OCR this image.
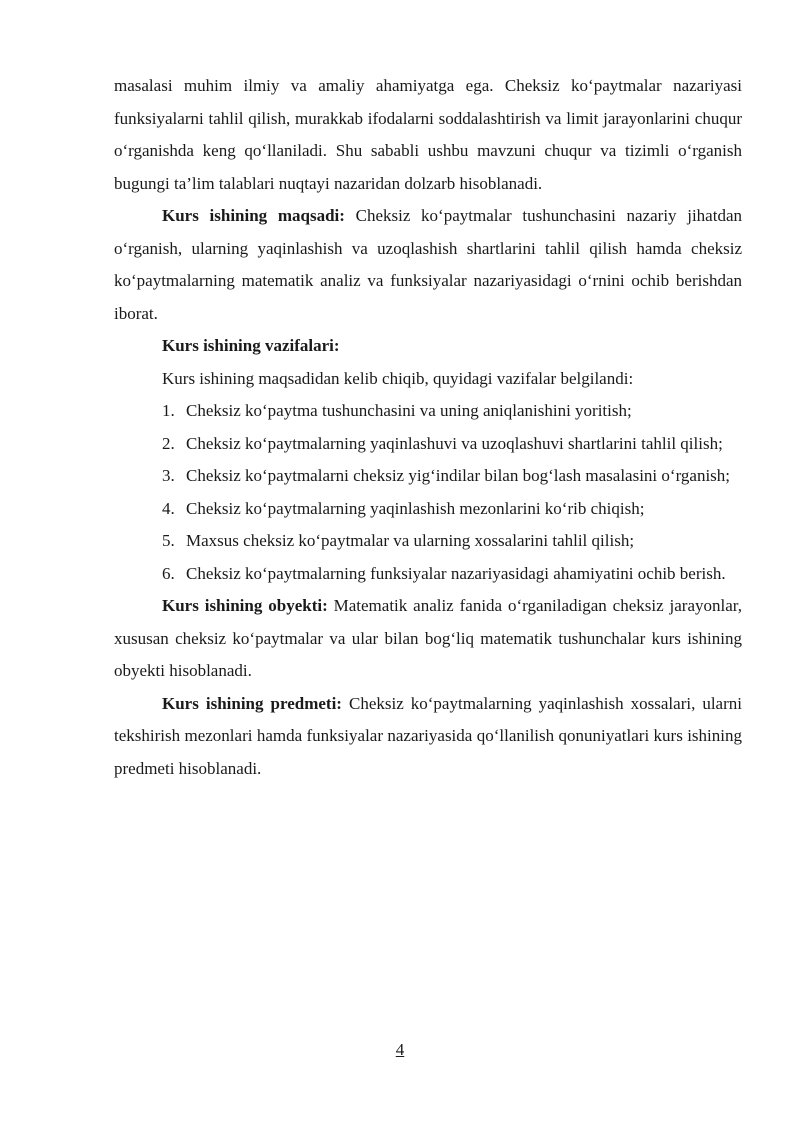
masalasi muhim ilmiy va amaliy ahamiyatga ega. Cheksiz ko‘paytmalar nazariyasi funksiyalarni tahlil qilish, murakkab ifodalarni soddalashtirish va limit jarayonlarini chuqur o‘rganishda keng qo‘llaniladi. Shu sababli ushbu mavzuni chuqur va tizimli o‘rganish bugungi ta’lim talablari nuqtayi nazaridan dolzarb hisoblanadi.

Kurs ishining maqsadi: Cheksiz ko‘paytmalar tushunchasini nazariy jihatdan o‘rganish, ularning yaqinlashish va uzoqlashish shartlarini tahlil qilish hamda cheksiz ko‘paytmalarning matematik analiz va funksiyalar nazariyasidagi o‘rnini ochib berishdan iborat.

Kurs ishining vazifalari:

Kurs ishining maqsadidan kelib chiqib, quyidagi vazifalar belgilandi:

1. Cheksiz ko‘paytma tushunchasini va uning aniqlanishini yoritish;
2. Cheksiz ko‘paytmalarning yaqinlashuvi va uzoqlashuvi shartlarini tahlil qilish;
3. Cheksiz ko‘paytmalarni cheksiz yig‘indilar bilan bog‘lash masalasini o‘rganish;
4. Cheksiz ko‘paytmalarning yaqinlashish mezonlarini ko‘rib chiqish;
5. Maxsus cheksiz ko‘paytmalar va ularning xossalarini tahlil qilish;
6. Cheksiz ko‘paytmalarning funksiyalar nazariyasidagi ahamiyatini ochib berish.

Kurs ishining obyekti: Matematik analiz fanida o‘rganiladigan cheksiz jarayonlar, xususan cheksiz ko‘paytmalar va ular bilan bog‘liq matematik tushunchalar kurs ishining obyekti hisoblanadi.

Kurs ishining predmeti: Cheksiz ko‘paytmalarning yaqinlashish xossalari, ularni tekshirish mezonlari hamda funksiyalar nazariyasida qo‘llanilish qonuniyatlari kurs ishining predmeti hisoblanadi.

4
